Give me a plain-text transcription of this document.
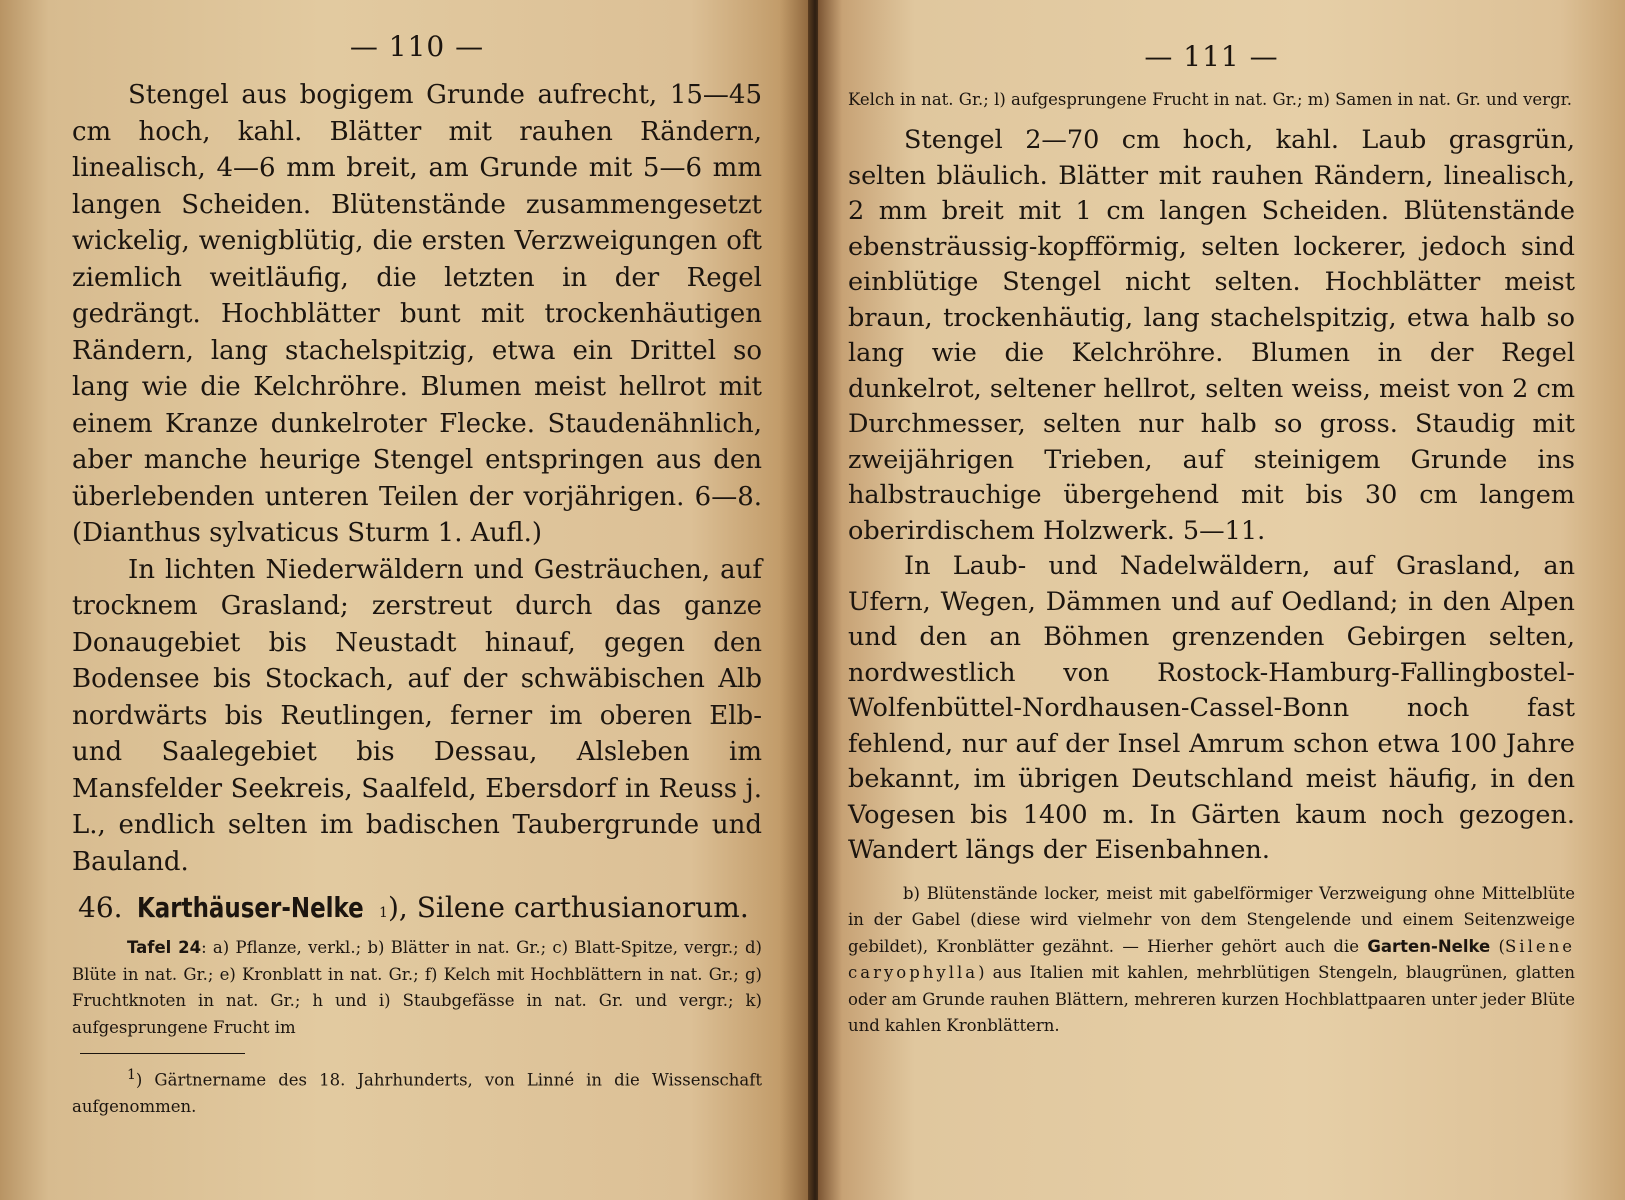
— 110 —

Stengel aus bogigem Grunde aufrecht, 15—45 cm hoch, kahl. Blätter mit rauhen Rändern, linealisch, 4—6 mm breit, am Grunde mit 5—6 mm langen Scheiden. Blütenstände zusammengesetzt wickelig, wenigblütig, die ersten Verzweigungen oft ziemlich weitläufig, die letzten in der Regel gedrängt. Hochblätter bunt mit trockenhäutigen Rändern, lang stachelspitzig, etwa ein Drittel so lang wie die Kelchröhre. Blumen meist hellrot mit einem Kranze dunkelroter Flecke. Staudenähnlich, aber manche heurige Stengel entspringen aus den überlebenden unteren Teilen der vorjährigen. 6—8. (Dianthus sylvaticus Sturm 1. Aufl.)

In lichten Niederwäldern und Gesträuchen, auf trocknem Grasland; zerstreut durch das ganze Donaugebiet bis Neustadt hinauf, gegen den Bodensee bis Stockach, auf der schwäbischen Alb nordwärts bis Reutlingen, ferner im oberen Elb- und Saalegebiet bis Dessau, Alsleben im Mansfelder Seekreis, Saalfeld, Ebersdorf in Reuss j. L., endlich selten im badischen Taubergrunde und Bauland.

46. Karthäuser-Nelke 1 ), Silene carthusianorum.

Tafel 24: a) Pflanze, verkl.; b) Blätter in nat. Gr.; c) Blatt-Spitze, vergr.; d) Blüte in nat. Gr.; e) Kronblatt in nat. Gr.; f) Kelch mit Hochblättern in nat. Gr.; g) Fruchtknoten in nat. Gr.; h und i) Staubgefässe in nat. Gr. und vergr.; k) aufgesprungene Frucht im

$^1$) Gärtnername des 18. Jahrhunderts, von Linné in die Wissenschaft aufgenommen.

— 111 —

Kelch in nat. Gr.; l) aufgesprungene Frucht in nat. Gr.; m) Samen in nat. Gr. und vergr.

Stengel 2—70 cm hoch, kahl. Laub grasgrün, selten bläulich. Blätter mit rauhen Rändern, linealisch, 2 mm breit mit 1 cm langen Scheiden. Blütenstände ebensträussig-kopfförmig, selten lockerer, jedoch sind einblütige Stengel nicht selten. Hochblätter meist braun, trockenhäutig, lang stachelspitzig, etwa halb so lang wie die Kelchröhre. Blumen in der Regel dunkelrot, seltener hellrot, selten weiss, meist von 2 cm Durchmesser, selten nur halb so gross. Staudig mit zweijährigen Trieben, auf steinigem Grunde ins halbstrauchige übergehend mit bis 30 cm langem oberirdischem Holzwerk. 5—11.

In Laub- und Nadelwäldern, auf Grasland, an Ufern, Wegen, Dämmen und auf Oedland; in den Alpen und den an Böhmen grenzenden Gebirgen selten, nordwestlich von Rostock-Hamburg-Fallingbostel-Wolfenbüttel-Nordhausen-Cassel-Bonn noch fast fehlend, nur auf der Insel Amrum schon etwa 100 Jahre bekannt, im übrigen Deutschland meist häufig, in den Vogesen bis 1400 m. In Gärten kaum noch gezogen. Wandert längs der Eisenbahnen.

b) Blütenstände locker, meist mit gabelförmiger Verzweigung ohne Mittelblüte in der Gabel (diese wird vielmehr von dem Stengelende und einem Seitenzweige gebildet), Kronblätter gezähnt. — Hierher gehört auch die Garten-Nelke (Silene caryophylla) aus Italien mit kahlen, mehrblütigen Stengeln, blaugrünen, glatten oder am Grunde rauhen Blättern, mehreren kurzen Hochblattpaaren unter jeder Blüte und kahlen Kronblättern.
